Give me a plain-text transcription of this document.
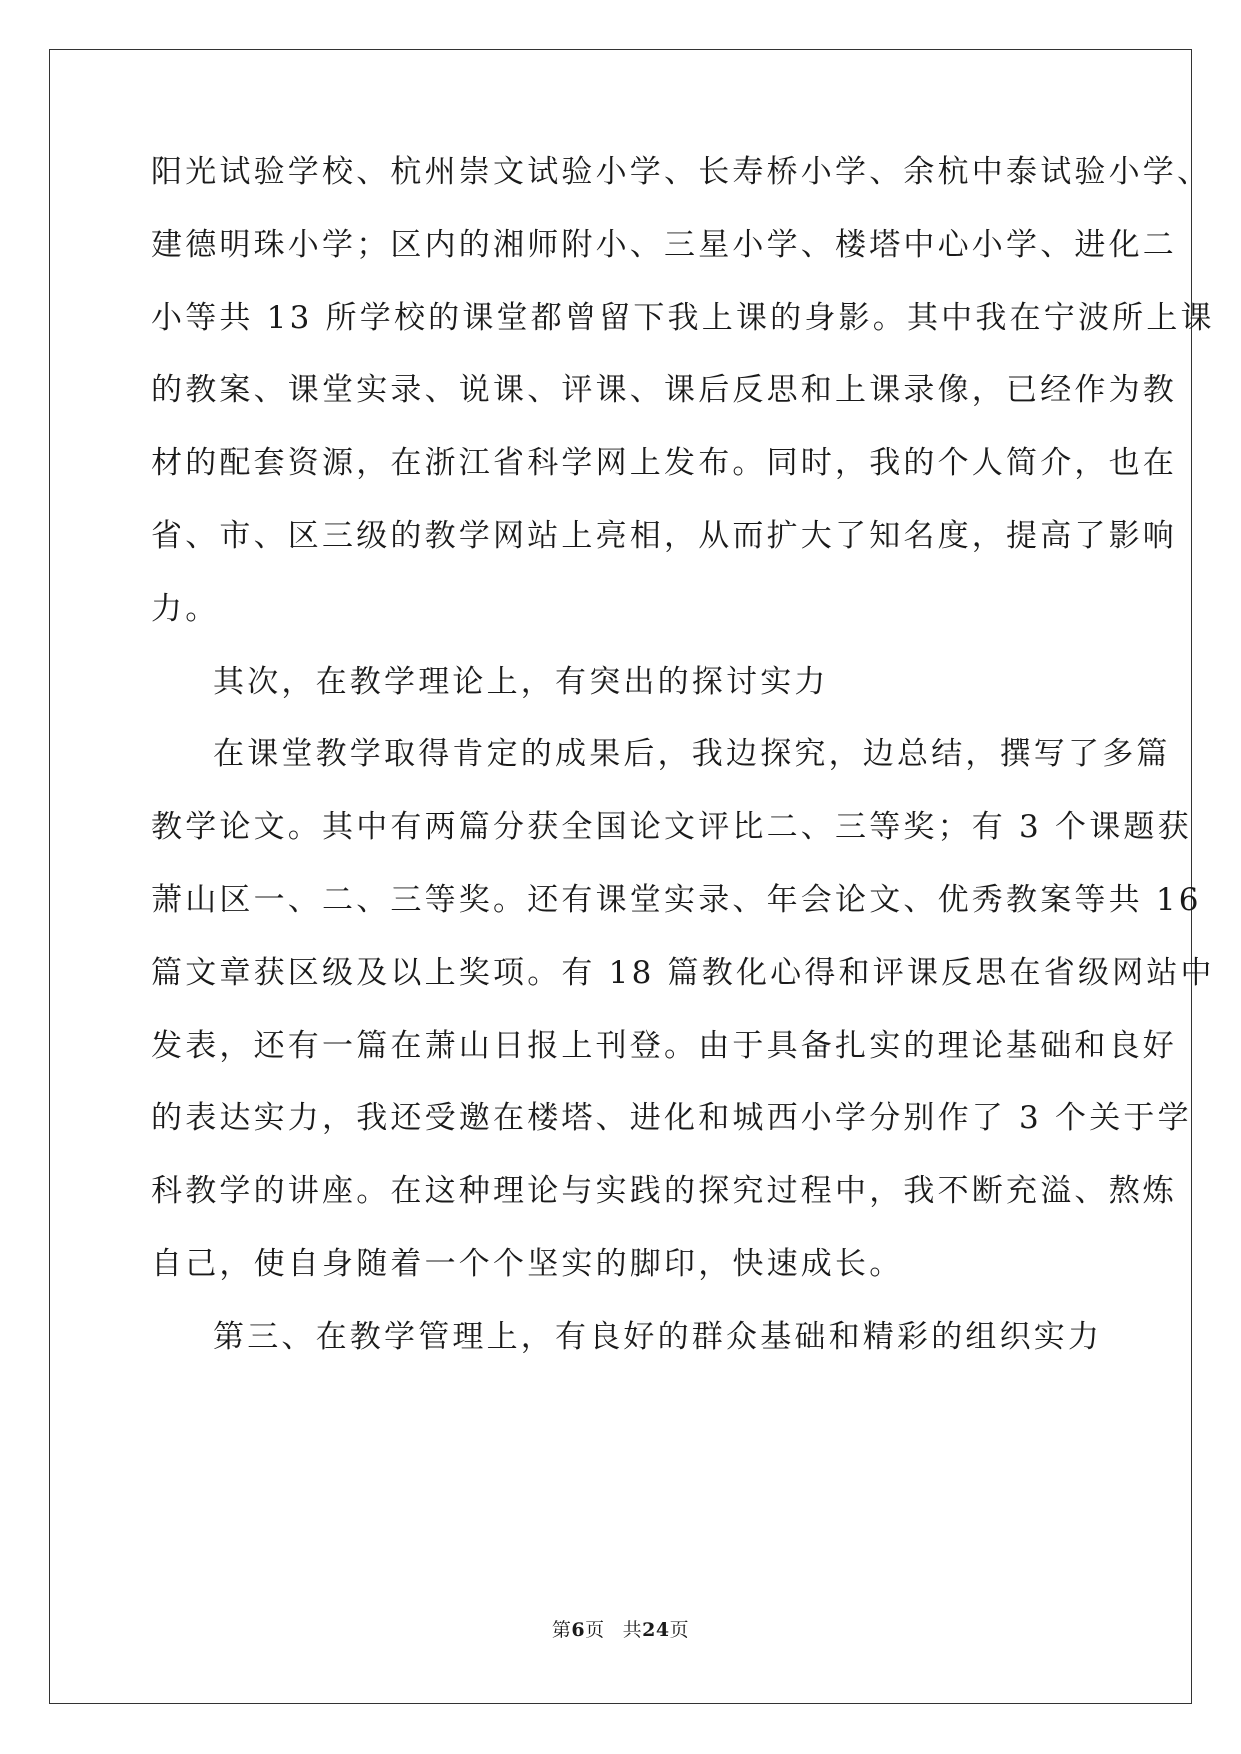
阳光试验学校、杭州崇文试验小学、长寿桥小学、余杭中泰试验小学、
建德明珠小学；区内的湘师附小、三星小学、楼塔中心小学、进化二
小等共 13 所学校的课堂都曾留下我上课的身影。其中我在宁波所上课
的教案、课堂实录、说课、评课、课后反思和上课录像，已经作为教
材的配套资源，在浙江省科学网上发布。同时，我的个人简介，也在
省、市、区三级的教学网站上亮相，从而扩大了知名度，提高了影响
力。
其次，在教学理论上，有突出的探讨实力
在课堂教学取得肯定的成果后，我边探究，边总结，撰写了多篇
教学论文。其中有两篇分获全国论文评比二、三等奖；有 3 个课题获
萧山区一、二、三等奖。还有课堂实录、年会论文、优秀教案等共 16
篇文章获区级及以上奖项。有 18 篇教化心得和评课反思在省级网站中
发表，还有一篇在萧山日报上刊登。由于具备扎实的理论基础和良好
的表达实力，我还受邀在楼塔、进化和城西小学分别作了 3 个关于学
科教学的讲座。在这种理论与实践的探究过程中，我不断充溢、熬炼
自己，使自身随着一个个坚实的脚印，快速成长。
第三、在教学管理上，有良好的群众基础和精彩的组织实力
第6页 共24页
